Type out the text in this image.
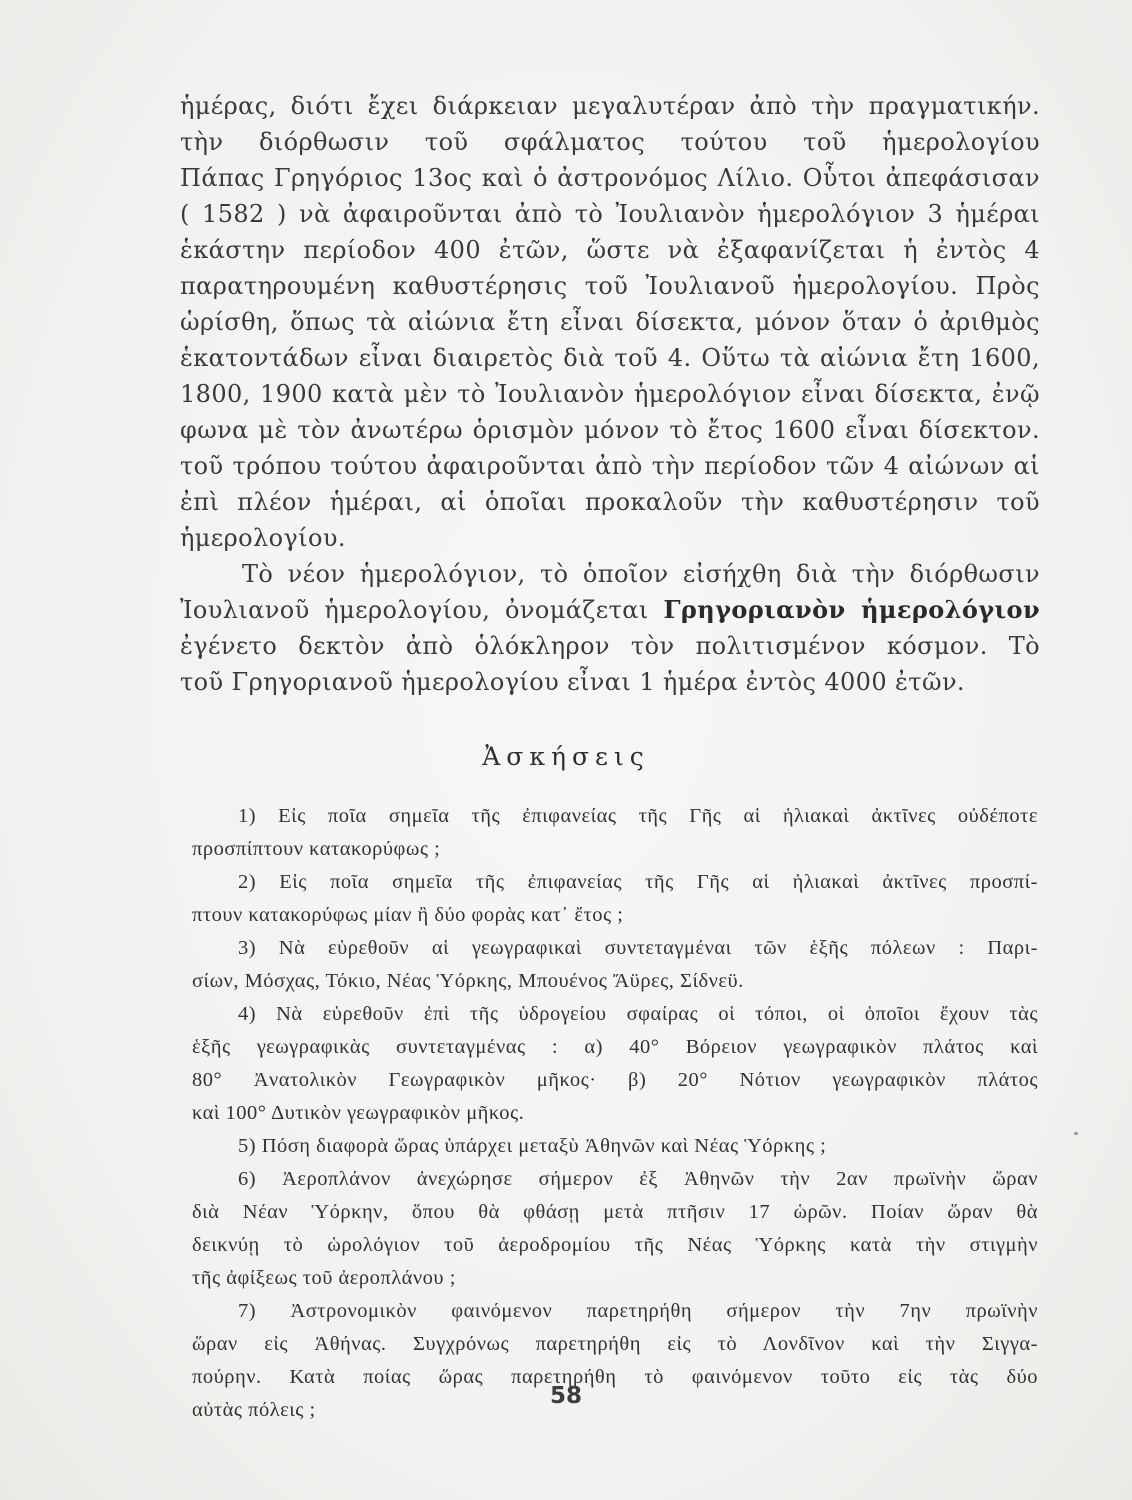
ἡμέρας, διότι ἔχει διάρκειαν μεγαλυτέραν ἀπὸ τὴν πραγματικήν.
τὴν διόρθωσιν τοῦ σφάλματος τούτου τοῦ ἡμερολογίου
Πάπας Γρηγόριος 13ος καὶ ὁ ἀστρονόμος Λίλιο. Οὗτοι ἀπεφάσισαν
( 1582 ) νὰ ἀφαιροῦνται ἀπὸ τὸ Ἰουλιανὸν ἡμερολόγιον 3 ἡμέραι
ἑκάστην περίοδον 400 ἐτῶν, ὥστε νὰ ἐξαφανίζεται ἡ ἐντὸς 4
παρατηρουμένη καθυστέρησις τοῦ Ἰουλιανοῦ ἡμερολογίου. Πρὸς
ὡρίσθη, ὅπως τὰ αἰώνια ἔτη εἶναι δίσεκτα, μόνον ὅταν ὁ ἀριθμὸς
ἑκατοντάδων εἶναι διαιρετὸς διὰ τοῦ 4. Οὕτω τὰ αἰώνια ἔτη 1600,
1800, 1900 κατὰ μὲν τὸ Ἰουλιανὸν ἡμερολόγιον εἶναι δίσεκτα, ἐνῷ
φωνα μὲ τὸν ἀνωτέρω ὁρισμὸν μόνον τὸ ἔτος 1600 εἶναι δίσεκτον.
τοῦ τρόπου τούτου ἀφαιροῦνται ἀπὸ τὴν περίοδον τῶν 4 αἰώνων αἱ
ἐπὶ πλέον ἡμέραι, αἱ ὁποῖαι προκαλοῦν τὴν καθυστέρησιν τοῦ
ἡμερολογίου.
Τὸ νέον ἡμερολόγιον, τὸ ὁποῖον εἰσήχθη διὰ τὴν διόρθωσιν
Ἰουλιανοῦ ἡμερολογίου, ὀνομάζεται Γρηγοριανὸν ἡμερολόγιον
ἐγένετο δεκτὸν ἀπὸ ὁλόκληρον τὸν πολιτισμένον κόσμον. Τὸ
τοῦ Γρηγοριανοῦ ἡμερολογίου εἶναι 1 ἡμέρα ἐντὸς 4000 ἐτῶν.
Ἀσκήσεις
1) Εἰς ποῖα σημεῖα τῆς ἐπιφανείας τῆς Γῆς αἱ ἡλιακαὶ ἀκτῖνες οὐδέποτε
προσπίπτουν κατακορύφως ;
2) Εἰς ποῖα σημεῖα τῆς ἐπιφανείας τῆς Γῆς αἱ ἡλιακαὶ ἀκτῖνες προσπί-
πτουν κατακορύφως μίαν ἢ δύο φορὰς κατ᾽ ἔτος ;
3) Νὰ εὑρεθοῦν αἱ γεωγραφικαὶ συντεταγμέναι τῶν ἑξῆς πόλεων : Παρι-
σίων, Μόσχας, Τόκιο, Νέας Ὑόρκης, Μπουένος Ἄϋρες, Σίδνεϋ.
4) Νὰ εὑρεθοῦν ἐπὶ τῆς ὑδρογείου σφαίρας οἱ τόποι, οἱ ὁποῖοι ἔχουν τὰς
ἑξῆς γεωγραφικὰς συντεταγμένας : α) 40° Βόρειον γεωγραφικὸν πλάτος καὶ
80° Ἀνατολικὸν Γεωγραφικὸν μῆκος· β) 20° Νότιον γεωγραφικὸν πλάτος
καὶ 100° Δυτικὸν γεωγραφικὸν μῆκος.
5) Πόση διαφορὰ ὥρας ὑπάρχει μεταξὺ Ἀθηνῶν καὶ Νέας Ὑόρκης ;
6) Ἀεροπλάνον ἀνεχώρησε σήμερον ἐξ Ἀθηνῶν τὴν 2αν πρωϊνὴν ὥραν
διὰ Νέαν Ὑόρκην, ὅπου θὰ φθάσῃ μετὰ πτῆσιν 17 ὡρῶν. Ποίαν ὥραν θὰ
δεικνύῃ τὸ ὡρολόγιον τοῦ ἀεροδρομίου τῆς Νέας Ὑόρκης κατὰ τὴν στιγμὴν
τῆς ἀφίξεως τοῦ ἀεροπλάνου ;
7) Ἀστρονομικὸν φαινόμενον παρετηρήθη σήμερον τὴν 7ην πρωϊνὴν
ὥραν εἰς Ἀθήνας. Συγχρόνως παρετηρήθη εἰς τὸ Λονδῖνον καὶ τὴν Σιγγα-
πούρην. Κατὰ ποίας ὥρας παρετηρήθη τὸ φαινόμενον τοῦτο εἰς τὰς δύο
αὐτὰς πόλεις ;
58
